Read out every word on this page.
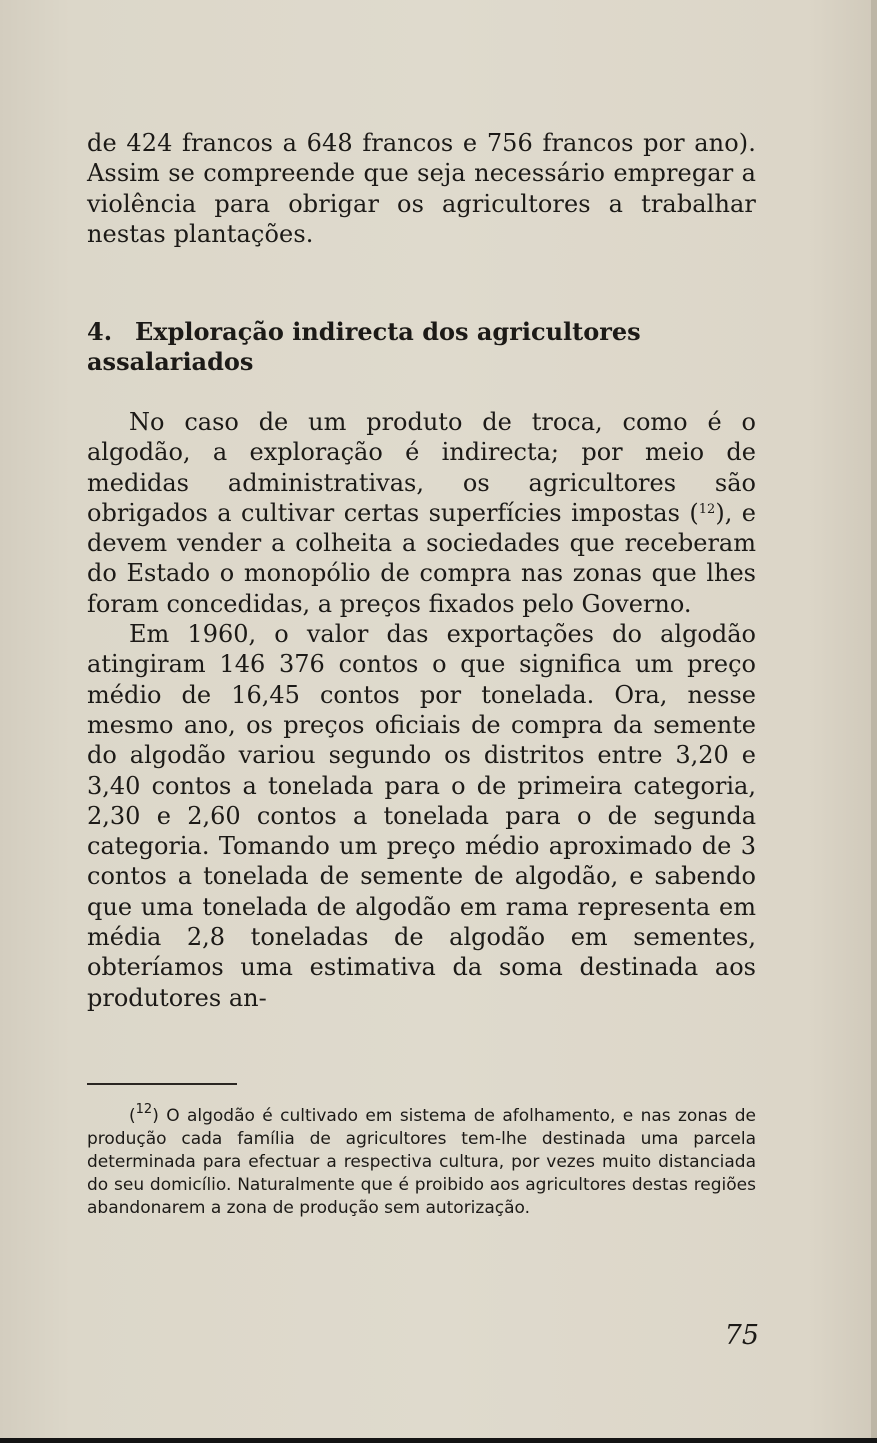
de 424 francos a 648 francos e 756 francos por ano). Assim se compreende que seja necessário empregar a violência para obrigar os agricultores a trabalhar nestas plantações.

4. Exploração indirecta dos agricultores assalariados

No caso de um produto de troca, como é o algodão, a exploração é indirecta; por meio de medidas administrativas, os agricultores são obrigados a cultivar certas superfícies impostas ($^{12}$), e devem vender a colheita a sociedades que receberam do Estado o monopólio de compra nas zonas que lhes foram concedidas, a preços fixados pelo Governo.

Em 1960, o valor das exportações do algodão atingiram 146 376 contos o que significa um preço médio de 16,45 contos por tonelada. Ora, nesse mesmo ano, os preços oficiais de compra da semente do algodão variou segundo os distritos entre 3,20 e 3,40 contos a tonelada para o de primeira categoria, 2,30 e 2,60 contos a tonelada para o de segunda categoria. Tomando um preço médio aproximado de 3 contos a tonelada de semente de algodão, e sabendo que uma tonelada de algodão em rama representa em média 2,8 toneladas de algodão em sementes, obteríamos uma estimativa da soma destinada aos produtores an-

($^{12}$) O algodão é cultivado em sistema de afolhamento, e nas zonas de produção cada família de agricultores tem-lhe destinada uma parcela determinada para efectuar a respectiva cultura, por vezes muito distanciada do seu domicílio. Naturalmente que é proibido aos agricultores destas regiões abandonarem a zona de produção sem autorização.

75
